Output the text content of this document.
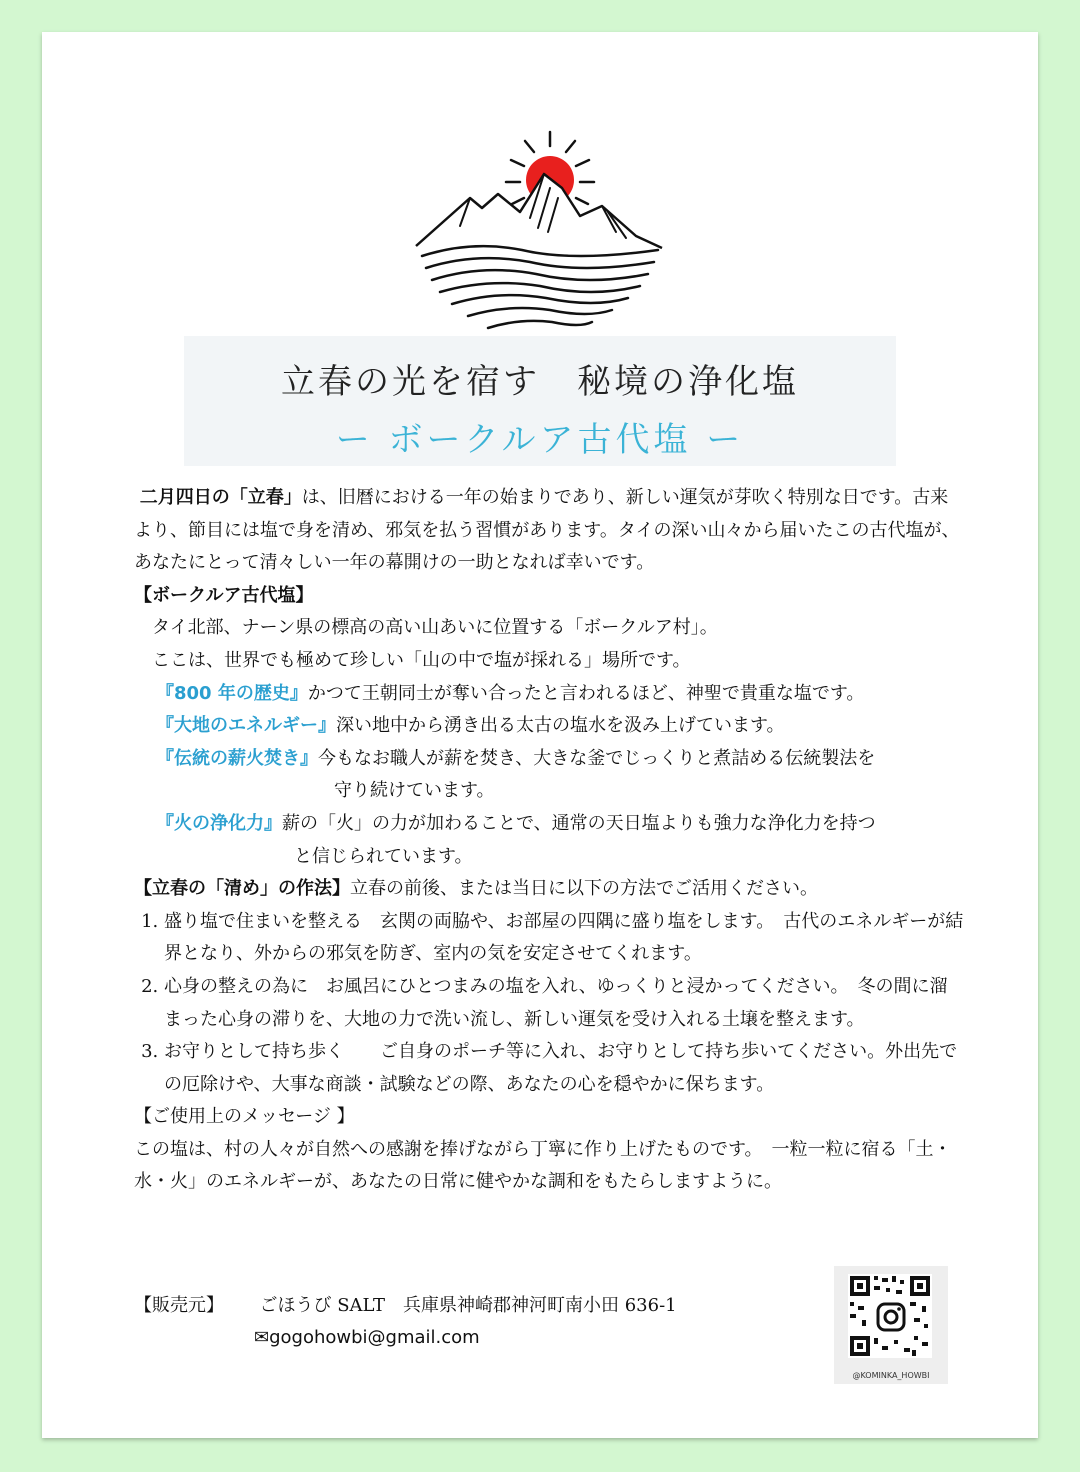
立春の光を宿す　秘境の浄化塩
ー ボークルア古代塩 ー

二月四日の「立春」は、旧暦における一年の始まりであり、新しい運気が芽吹く特別な日です。古来より、節目には塩で身を清め、邪気を払う習慣があります。タイの深い山々から届いたこの古代塩が、あなたにとって清々しい一年の幕開けの一助となれば幸いです。

【ボークルア古代塩】

タイ北部、ナーン県の標高の高い山あいに位置する「ボークルア村」。

ここは、世界でも極めて珍しい「山の中で塩が採れる」場所です。

『800 年の歴史』かつて王朝同士が奪い合ったと言われるほど、神聖で貴重な塩です。

『大地のエネルギー』深い地中から湧き出る太古の塩水を汲み上げています。

『伝統の薪火焚き』今もなお職人が薪を焚き、大きな釜でじっくりと煮詰める伝統製法を

守り続けています。

『火の浄化力』薪の「火」の力が加わることで、通常の天日塩よりも強力な浄化力を持つ

と信じられています。

【立春の「清め」の作法】立春の前後、または当日に以下の方法でご活用ください。

1. 盛り塩で住まいを整える　玄関の両脇や、お部屋の四隅に盛り塩をします。　古代のエネルギーが結界となり、外からの邪気を防ぎ、室内の気を安定させてくれます。
2. 心身の整えの為に　お風呂にひとつまみの塩を入れ、ゆっくりと浸かってください。　冬の間に溜まった心身の滞りを、大地の力で洗い流し、新しい運気を受け入れる土壌を整えます。
3. お守りとして持ち歩く　　ご自身のポーチ等に入れ、お守りとして持ち歩いてください。外出先での厄除けや、大事な商談・試験などの際、あなたの心を穏やかに保ちます。

【ご使用上のメッセージ 】

この塩は、村の人々が自然への感謝を捧げながら丁寧に作り上げたものです。　一粒一粒に宿る「土・水・火」のエネルギーが、あなたの日常に健やかな調和をもたらしますように。

【販売元】 ごほうび SALT　兵庫県神崎郡神河町南小田 636-1
✉gogohowbi@gmail.com
@KOMINKA_HOWBI
